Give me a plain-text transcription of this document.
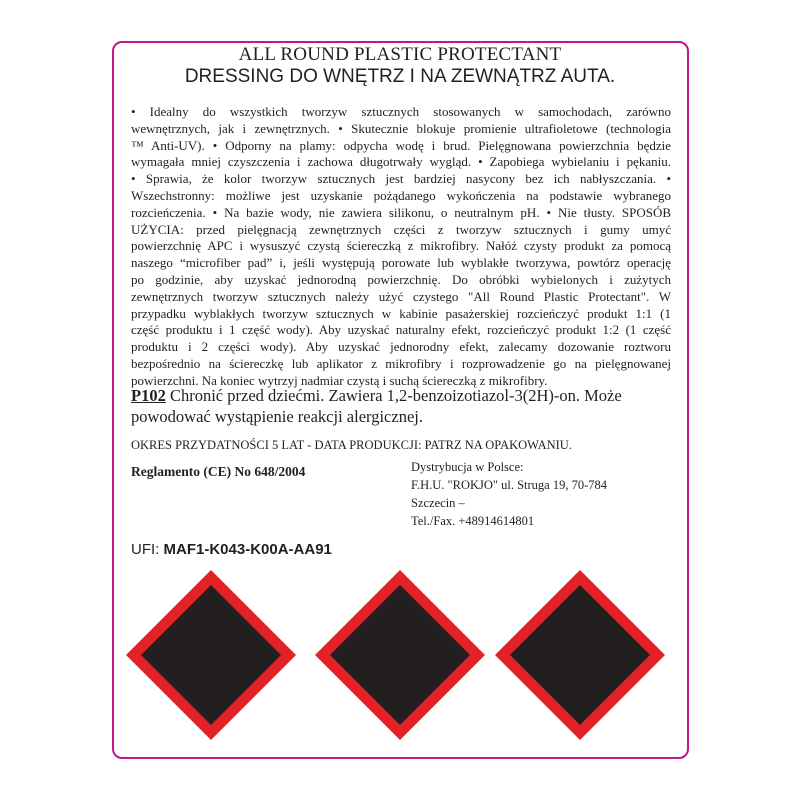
ALL ROUND PLASTIC PROTECTANT
DRESSING DO WNĘTRZ I NA ZEWNĄTRZ AUTA.
• Idealny do wszystkich tworzyw sztucznych stosowanych w samochodach, zarówno
wewnętrznych, jak i zewnętrznych. • Skutecznie blokuje promienie ultrafioletowe (technologia
™ Anti-UV). • Odporny na plamy: odpycha wodę i brud. Pielęgnowana powierzchnia będzie
wymagała mniej czyszczenia i zachowa długotrwały wygląd. • Zapobiega wybielaniu i pękaniu.
• Sprawia, że kolor tworzyw sztucznych jest bardziej nasycony bez ich nabłyszczania. •
Wszechstronny: możliwe jest uzyskanie pożądanego wykończenia na podstawie wybranego
rozcieńczenia. • Na bazie wody, nie zawiera silikonu, o neutralnym pH. • Nie tłusty. SPOSÓB
UŻYCIA: przed pielęgnacją zewnętrznych części z tworzyw sztucznych i gumy umyć
powierzchnię APC i wysuszyć czystą ściereczką z mikrofibry. Nałóż czysty produkt za pomocą
naszego “microfiber pad” i, jeśli występują porowate lub wyblakłe tworzywa, powtórz operację
po godzinie, aby uzyskać jednorodną powierzchnię. Do obróbki wybielonych i zużytych
zewnętrznych tworzyw sztucznych należy użyć czystego "All Round Plastic Protectant". W
przypadku wyblakłych tworzyw sztucznych w kabinie pasażerskiej rozcieńczyć produkt 1:1 (1
część produktu i 1 część wody). Aby uzyskać naturalny efekt, rozcieńczyć produkt 1:2 (1 część
produktu i 2 części wody). Aby uzyskać jednorodny efekt, zalecamy dozowanie roztworu
bezpośrednio na ściereczkę lub aplikator z mikrofibry i rozprowadzenie go na pielęgnowanej
powierzchni. Na koniec wytrzyj nadmiar czystą i suchą ściereczką z mikrofibry.

P102 Chronić przed dziećmi. Zawiera 1,2-benzoizotiazol-3(2H)-on. Może powodować wystąpienie reakcji alergicznej.

OKRES PRZYDATNOŚCI 5 LAT - DATA PRODUKCJI: PATRZ NA OPAKOWANIU.
Reglamento (CE) No 648/2004	Dystrybucja w Polsce:
F.H.U. "ROKJO" ul. Struga 19, 70-784
Szczecin –
Tel./Fax. +48914614801
UFI: MAF1-K043-K00A-AA91
